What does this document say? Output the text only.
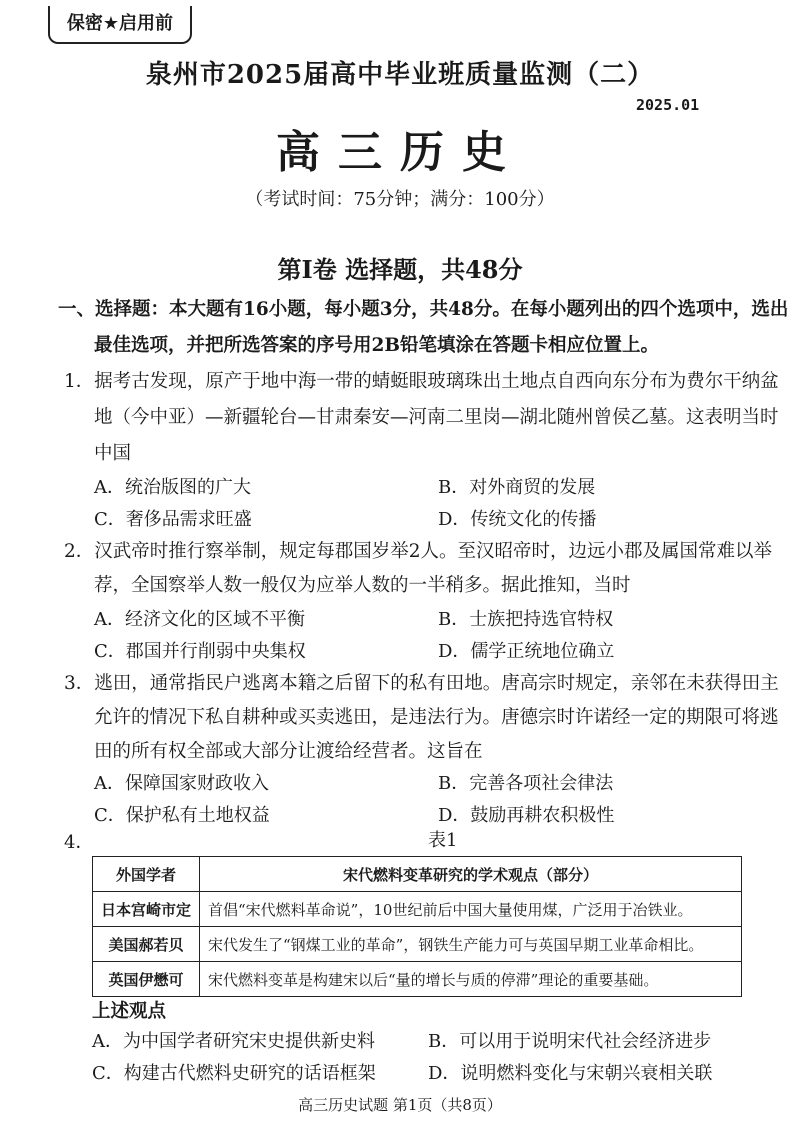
保密★启用前
泉州市2025届高中毕业班质量监测（二）
2025.01
高三历史
（考试时间：75分钟；满分：100分）
第I卷 选择题，共48分
一、选择题：本大题有16小题，每小题3分，共48分。在每小题列出的四个选项中，选出
最佳选项，并把所选答案的序号用2B铅笔填涂在答题卡相应位置上。
1．据考古发现，原产于地中海一带的蜻蜓眼玻璃珠出土地点自西向东分布为费尔干纳盆
地（今中亚）—新疆轮台—甘肃秦安—河南二里岗—湖北随州曾侯乙墓。这表明当时
中国
A．统治版图的广大	B．对外商贸的发展
C．奢侈品需求旺盛	D．传统文化的传播
2．汉武帝时推行察举制，规定每郡国岁举2人。至汉昭帝时，边远小郡及属国常难以举
荐，全国察举人数一般仅为应举人数的一半稍多。据此推知，当时
A．经济文化的区域不平衡	B．士族把持选官特权
C．郡国并行削弱中央集权	D．儒学正统地位确立
3．逃田，通常指民户逃离本籍之后留下的私有田地。唐高宗时规定，亲邻在未获得田主
允许的情况下私自耕种或买卖逃田，是违法行为。唐德宗时许诺经一定的期限可将逃
田的所有权全部或大部分让渡给经营者。这旨在
A．保障国家财政收入	B．完善各项社会律法
C．保护私有土地权益	D．鼓励再耕农积极性
4．	表1
外国学者	宋代燃料变革研究的学术观点（部分）
日本宫崎市定	首倡“宋代燃料革命说”，10世纪前后中国大量使用煤，广泛用于冶铁业。
美国郝若贝	宋代发生了“钢煤工业的革命”，钢铁生产能力可与英国早期工业革命相比。
英国伊懋可	宋代燃料变革是构建宋以后“量的增长与质的停滞”理论的重要基础。
上述观点
A．为中国学者研究宋史提供新史料	B．可以用于说明宋代社会经济进步
C．构建古代燃料史研究的话语框架	D．说明燃料变化与宋朝兴衰相关联
高三历史试题 第1页（共8页）
